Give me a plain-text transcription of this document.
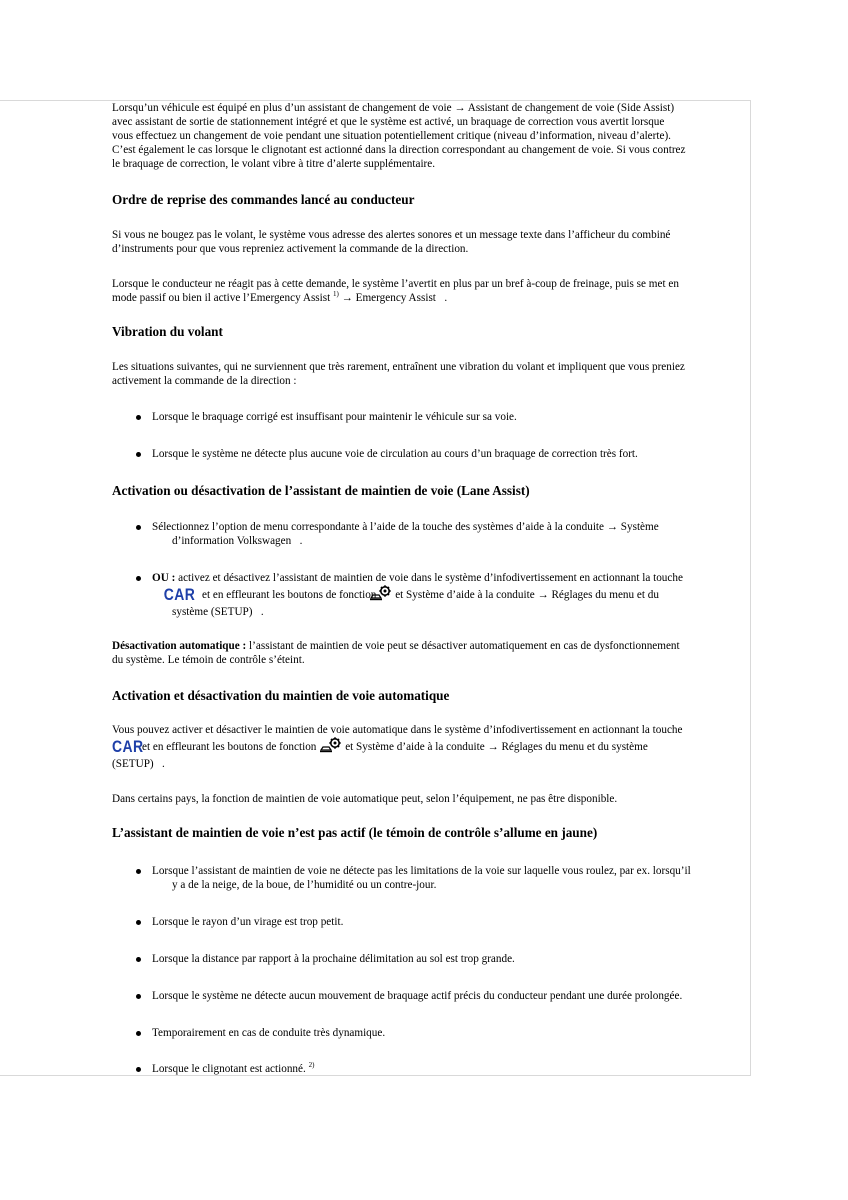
Lorsqu’un véhicule est équipé en plus d’un assistant de changement de voie → Assistant de changement de voie (Side Assist)
avec assistant de sortie de stationnement intégré et que le système est activé, un braquage de correction vous avertit lorsque
vous effectuez un changement de voie pendant une situation potentiellement critique (niveau d’information, niveau d’alerte).
C’est également le cas lorsque le clignotant est actionné dans la direction correspondant au changement de voie. Si vous contrez
le braquage de correction, le volant vibre à titre d’alerte supplémentaire.
Ordre de reprise des commandes lancé au conducteur
Si vous ne bougez pas le volant, le système vous adresse des alertes sonores et un message texte dans l’afficheur du combiné
d’instruments pour que vous repreniez activement la commande de la direction.
Lorsque le conducteur ne réagit pas à cette demande, le système l’avertit en plus par un bref à-coup de freinage, puis se met en
mode passif ou bien il active l’Emergency Assist $^{1)}$ → Emergency Assist   .
Vibration du volant
Les situations suivantes, qui ne surviennent que très rarement, entraînent une vibration du volant et impliquent que vous preniez
activement la commande de la direction :
Lorsque le braquage corrigé est insuffisant pour maintenir le véhicule sur sa voie.
Lorsque le système ne détecte plus aucune voie de circulation au cours d’un braquage de correction très fort.
Activation ou désactivation de l’assistant de maintien de voie (Lane Assist)
Sélectionnez l’option de menu correspondante à l’aide de la touche des systèmes d’aide à la conduite → Système
d’information Volkswagen .
OU : activez et désactivez l’assistant de maintien de voie dans le système d’infodivertissement en actionnant la touche
CAR et en effleurant les boutons de fonction et Système d’aide à la conduite → Réglages du menu et du
système (SETUP) .
Désactivation automatique : l’assistant de maintien de voie peut se désactiver automatiquement en cas de dysfonctionnement
du système. Le témoin de contrôle s’éteint.
Activation et désactivation du maintien de voie automatique
Vous pouvez activer et désactiver le maintien de voie automatique dans le système d’infodivertissement en actionnant la touche
CARet en effleurant les boutons de fonction et Système d’aide à la conduite → Réglages du menu et du système
(SETUP) .
Dans certains pays, la fonction de maintien de voie automatique peut, selon l’équipement, ne pas être disponible.
L’assistant de maintien de voie n’est pas actif (le témoin de contrôle s’allume en jaune)
Lorsque l’assistant de maintien de voie ne détecte pas les limitations de la voie sur laquelle vous roulez, par ex. lorsqu’il
y a de la neige, de la boue, de l’humidité ou un contre-jour.
Lorsque le rayon d’un virage est trop petit.
Lorsque la distance par rapport à la prochaine délimitation au sol est trop grande.
Lorsque le système ne détecte aucun mouvement de braquage actif précis du conducteur pendant une durée prolongée.
Temporairement en cas de conduite très dynamique.
Lorsque le clignotant est actionné. $^{2)}$
